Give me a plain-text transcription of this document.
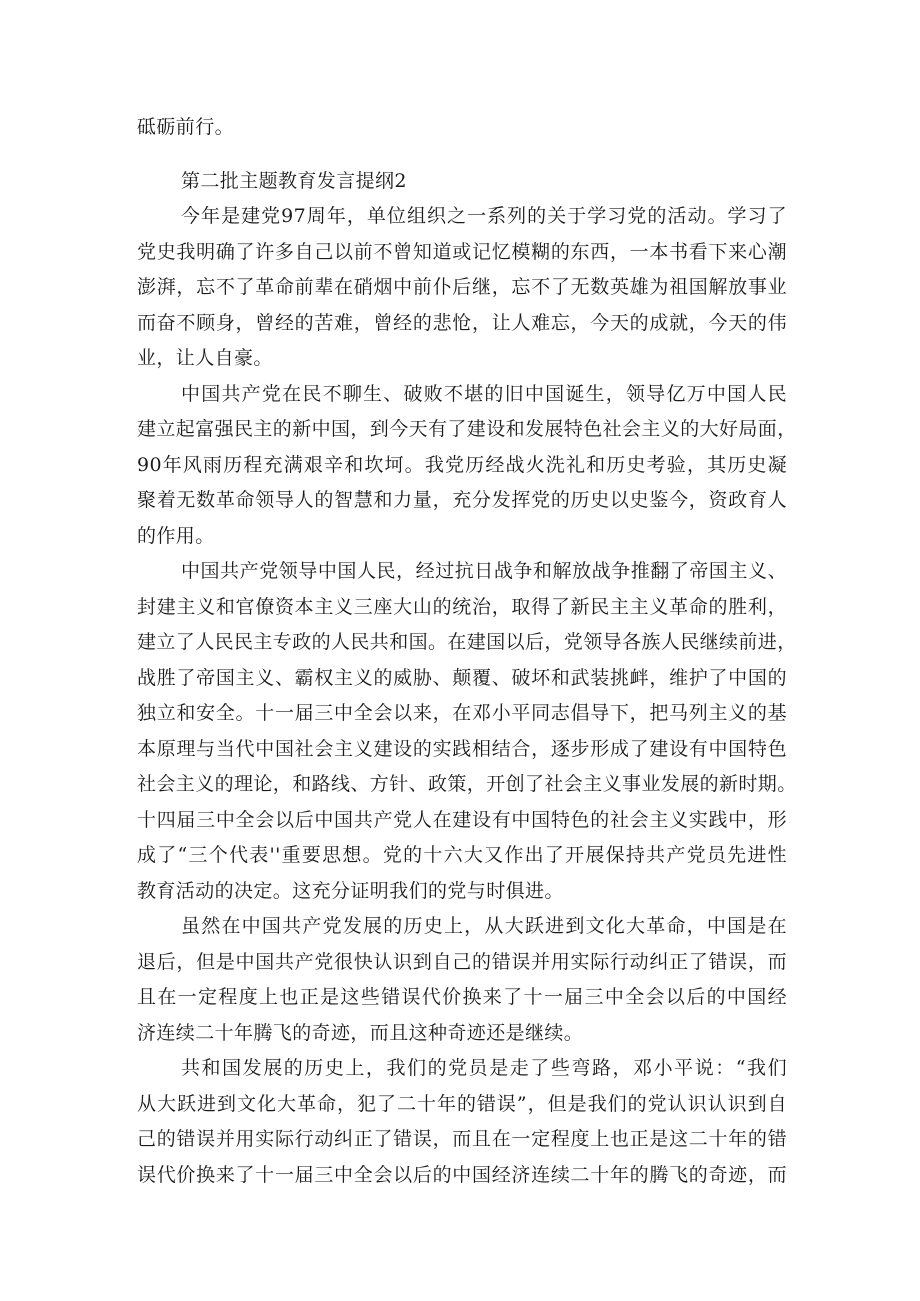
砥砺前行。
第二批主题教育发言提纲2
今年是建党97周年，单位组织之一系列的关于学习党的活动。学习了
党史我明确了许多自己以前不曾知道或记忆模糊的东西，一本书看下来心潮
澎湃，忘不了革命前辈在硝烟中前仆后继，忘不了无数英雄为祖国解放事业
而奋不顾身，曾经的苦难，曾经的悲怆，让人难忘，今天的成就，今天的伟
业，让人自豪。
中国共产党在民不聊生、破败不堪的旧中国诞生，领导亿万中国人民
建立起富强民主的新中国，到今天有了建设和发展特色社会主义的大好局面，
90年风雨历程充满艰辛和坎坷。我党历经战火洗礼和历史考验，其历史凝
聚着无数革命领导人的智慧和力量，充分发挥党的历史以史鉴今，资政育人
的作用。
中国共产党领导中国人民，经过抗日战争和解放战争推翻了帝国主义、
封建主义和官僚资本主义三座大山的统治，取得了新民主主义革命的胜利，
建立了人民民主专政的人民共和国。在建国以后，党领导各族人民继续前进，
战胜了帝国主义、霸权主义的威胁、颠覆、破坏和武装挑衅，维护了中国的
独立和安全。十一届三中全会以来，在邓小平同志倡导下，把马列主义的基
本原理与当代中国社会主义建设的实践相结合，逐步形成了建设有中国特色
社会主义的理论，和路线、方针、政策，开创了社会主义事业发展的新时期。
十四届三中全会以后中国共产党人在建设有中国特色的社会主义实践中，形
成了“三个代表''重要思想。党的十六大又作出了开展保持共产党员先进性
教育活动的决定。这充分证明我们的党与时俱进。
虽然在中国共产党发展的历史上，从大跃进到文化大革命，中国是在
退后，但是中国共产党很快认识到自己的错误并用实际行动纠正了错误，而
且在一定程度上也正是这些错误代价换来了十一届三中全会以后的中国经
济连续二十年腾飞的奇迹，而且这种奇迹还是继续。
共和国发展的历史上，我们的党员是走了些弯路，邓小平说：“我们
从大跃进到文化大革命，犯了二十年的错误”，但是我们的党认识认识到自
己的错误并用实际行动纠正了错误，而且在一定程度上也正是这二十年的错
误代价换来了十一届三中全会以后的中国经济连续二十年的腾飞的奇迹，而
